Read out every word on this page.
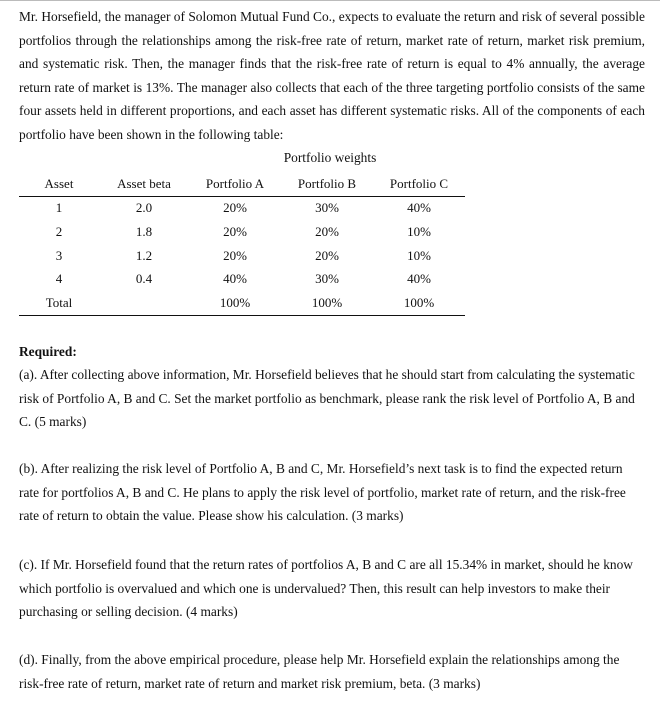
Mr. Horsefield, the manager of Solomon Mutual Fund Co., expects to evaluate the return and risk of several possible portfolios through the relationships among the risk-free rate of return, market rate of return, market risk premium, and systematic risk. Then, the manager finds that the risk-free rate of return is equal to 4% annually, the average return rate of market is 13%. The manager also collects that each of the three targeting portfolio consists of the same four assets held in different proportions, and each asset has different systematic risks. All of the components of each portfolio have been shown in the following table:

Portfolio weights
Asset	Asset beta	Portfolio A	Portfolio B	Portfolio C
1	2.0	20%	30%	40%
2	1.8	20%	20%	10%
3	1.2	20%	20%	10%
4	0.4	40%	30%	40%
Total		100%	100%	100%

Required:

(a). After collecting above information, Mr. Horsefield believes that he should start from calculating the systematic risk of Portfolio A, B and C. Set the market portfolio as benchmark, please rank the risk level of Portfolio A, B and C. (5 marks)

(b). After realizing the risk level of Portfolio A, B and C, Mr. Horsefield’s next task is to find the expected return rate for portfolios A, B and C. He plans to apply the risk level of portfolio, market rate of return, and the risk-free rate of return to obtain the value. Please show his calculation. (3 marks)

(c). If Mr. Horsefield found that the return rates of portfolios A, B and C are all 15.34% in market, should he know which portfolio is overvalued and which one is undervalued? Then, this result can help investors to make their purchasing or selling decision. (4 marks)

(d). Finally, from the above empirical procedure, please help Mr. Horsefield explain the relationships among the risk-free rate of return, market rate of return and market risk premium, beta. (3 marks)
